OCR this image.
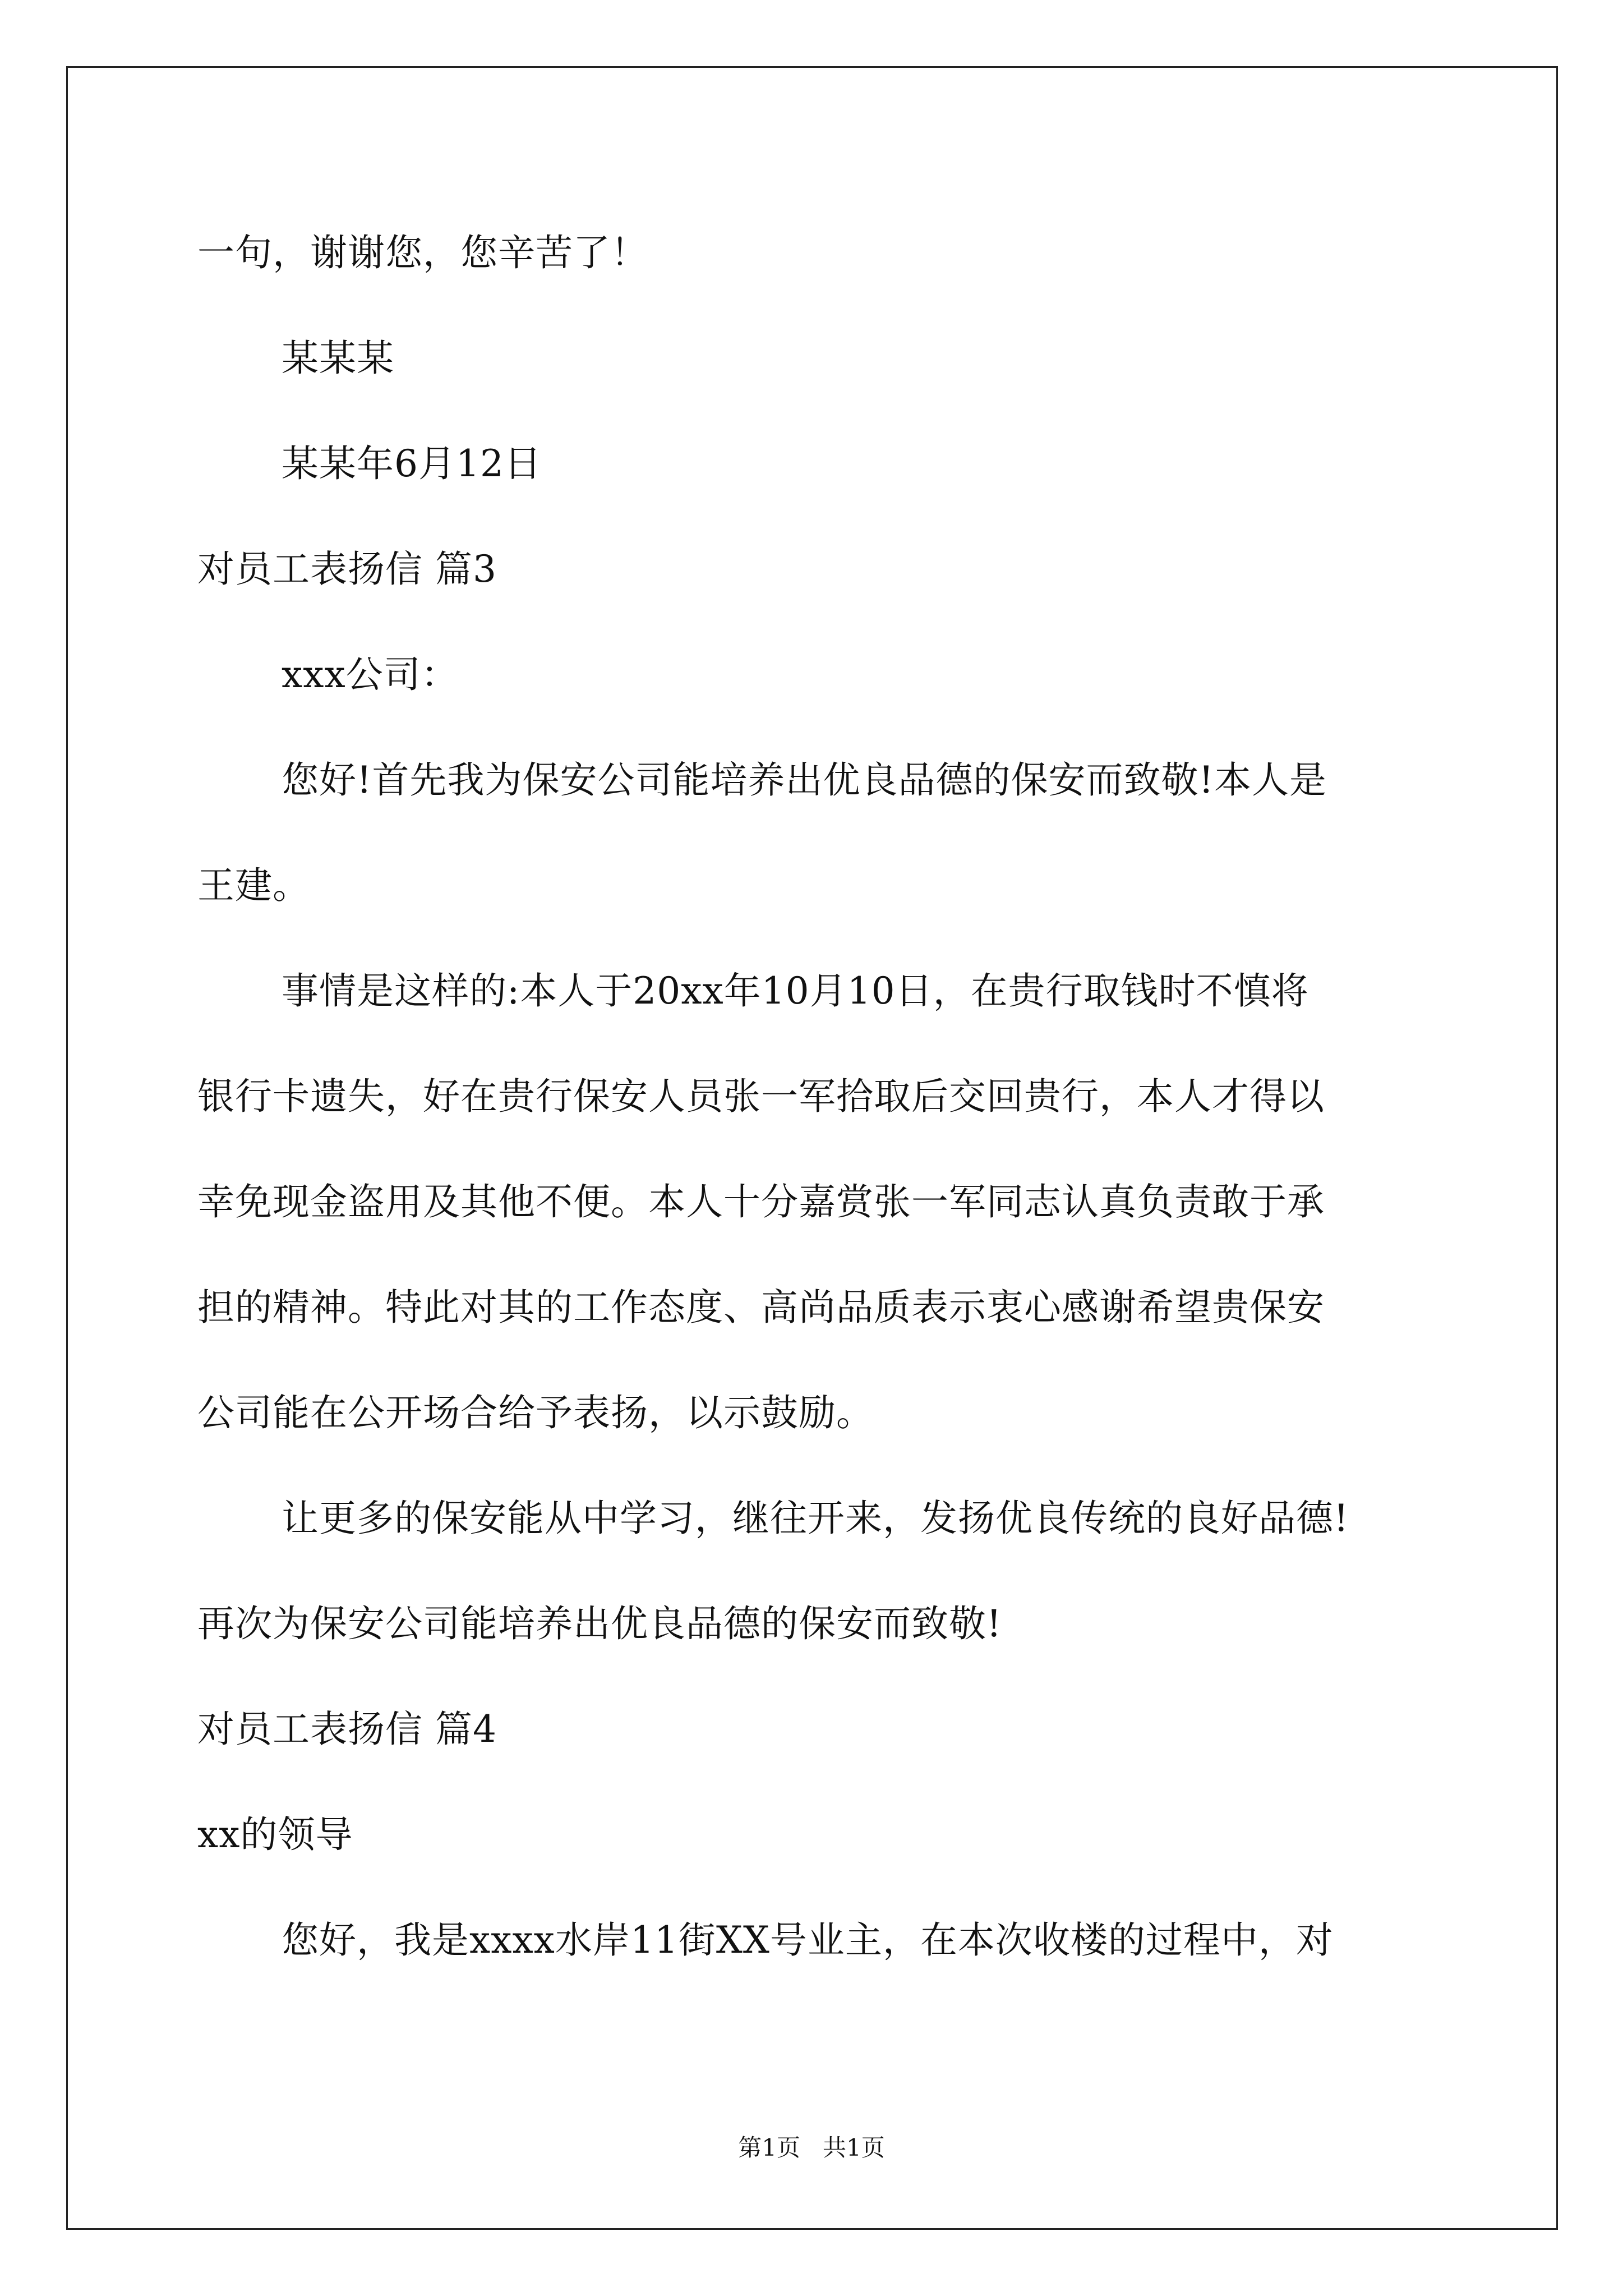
一句，谢谢您，您辛苦了！
某某某
某某年6月12日
对员工表扬信 篇3
xxx公司：
您好!首先我为保安公司能培养出优良品德的保安而致敬!本人是
王建。
事情是这样的:本人于20xx年10月10日，在贵行取钱时不慎将
银行卡遗失，好在贵行保安人员张一军拾取后交回贵行，本人才得以
幸免现金盗用及其他不便。本人十分嘉赏张一军同志认真负责敢于承
担的精神。特此对其的工作态度、高尚品质表示衷心感谢希望贵保安
公司能在公开场合给予表扬，以示鼓励。
让更多的保安能从中学习，继往开来，发扬优良传统的良好品德!
再次为保安公司能培养出优良品德的保安而致敬!
对员工表扬信 篇4
xx的领导
您好，我是xxxx水岸11街XX号业主，在本次收楼的过程中，对
第1页   共1页
